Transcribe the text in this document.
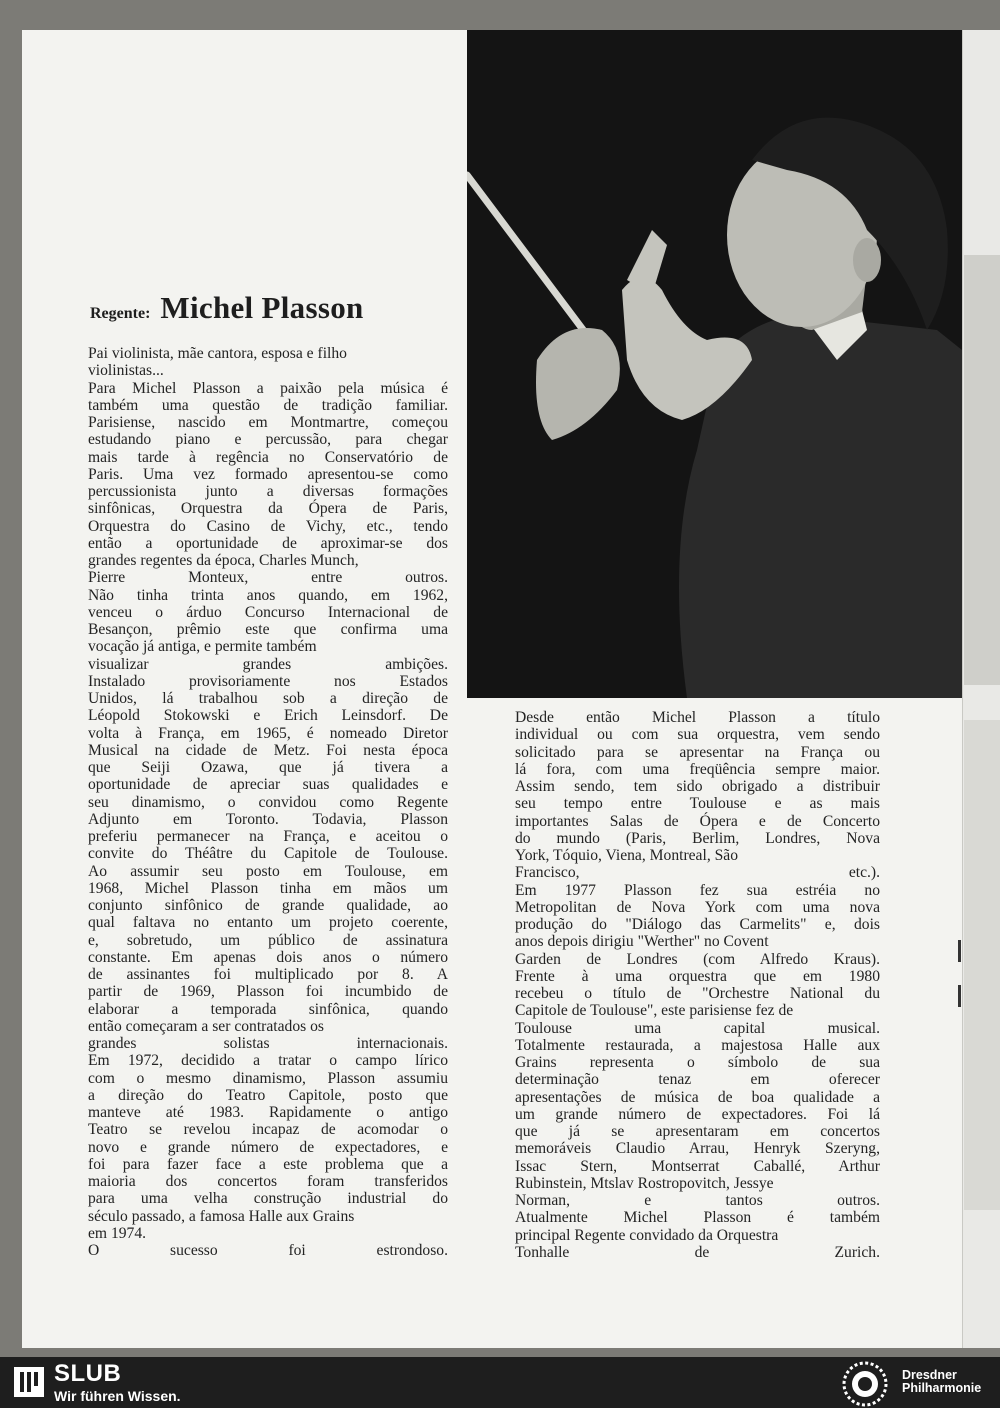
Regente: Michel Plasson
Pai violinista, mãe cantora, esposa e filho
violinistas...
Para Michel Plasson a paixão pela música é
também uma questão de tradição familiar.
Parisiense, nascido em Montmartre, começou
estudando piano e percussão, para chegar
mais tarde à regência no Conservatório de
Paris. Uma vez formado apresentou-se como
percussionista junto a diversas formações
sinfônicas, Orquestra da Ópera de Paris,
Orquestra do Casino de Vichy, etc., tendo
então a oportunidade de aproximar-se dos
grandes regentes da época, Charles Munch,
Pierre Monteux, entre outros.
Não tinha trinta anos quando, em 1962,
venceu o árduo Concurso Internacional de
Besançon, prêmio este que confirma uma
vocação já antiga, e permite também
visualizar grandes ambições.
Instalado provisoriamente nos Estados
Unidos, lá trabalhou sob a direção de
Léopold Stokowski e Erich Leinsdorf. De
volta à França, em 1965, é nomeado Diretor
Musical na cidade de Metz. Foi nesta época
que Seiji Ozawa, que já tivera a
oportunidade de apreciar suas qualidades e
seu dinamismo, o convidou como Regente
Adjunto em Toronto. Todavia, Plasson
preferiu permanecer na França, e aceitou o
convite do Théâtre du Capitole de Toulouse.
Ao assumir seu posto em Toulouse, em
1968, Michel Plasson tinha em mãos um
conjunto sinfônico de grande qualidade, ao
qual faltava no entanto um projeto coerente,
e, sobretudo, um público de assinatura
constante. Em apenas dois anos o número
de assinantes foi multiplicado por 8. A
partir de 1969, Plasson foi incumbido de
elaborar a temporada sinfônica, quando
então começaram a ser contratados os
grandes solistas internacionais.
Em 1972, decidido a tratar o campo lírico
com o mesmo dinamismo, Plasson assumiu
a direção do Teatro Capitole, posto que
manteve até 1983. Rapidamente o antigo
Teatro se revelou incapaz de acomodar o
novo e grande número de expectadores, e
foi para fazer face a este problema que a
maioria dos concertos foram transferidos
para uma velha construção industrial do
século passado, a famosa Halle aux Grains
em 1974.
O sucesso foi estrondoso.
Desde então Michel Plasson a título
individual ou com sua orquestra, vem sendo
solicitado para se apresentar na França ou
lá fora, com uma freqüência sempre maior.
Assim sendo, tem sido obrigado a distribuir
seu tempo entre Toulouse e as mais
importantes Salas de Ópera e de Concerto
do mundo (Paris, Berlim, Londres, Nova
York, Tóquio, Viena, Montreal, São
Francisco, etc.).
Em 1977 Plasson fez sua estréia no
Metropolitan de Nova York com uma nova
produção do "Diálogo das Carmelits" e, dois
anos depois dirigiu "Werther" no Covent
Garden de Londres (com Alfredo Kraus).
Frente à uma orquestra que em 1980
recebeu o título de "Orchestre National du
Capitole de Toulouse", este parisiense fez de
Toulouse uma capital musical.
Totalmente restaurada, a majestosa Halle aux
Grains representa o símbolo de sua
determinação tenaz em oferecer
apresentações de música de boa qualidade a
um grande número de expectadores. Foi lá
que já se apresentaram em concertos
memoráveis Claudio Arrau, Henryk Szeryng,
Issac Stern, Montserrat Caballé, Arthur
Rubinstein, Mtslav Rostropovitch, Jessye
Norman, e tantos outros.
Atualmente Michel Plasson é também
principal Regente convidado da Orquestra
Tonhalle de Zurich.
SLUB
Wir führen Wissen.
Dresdner
Philharmonie
